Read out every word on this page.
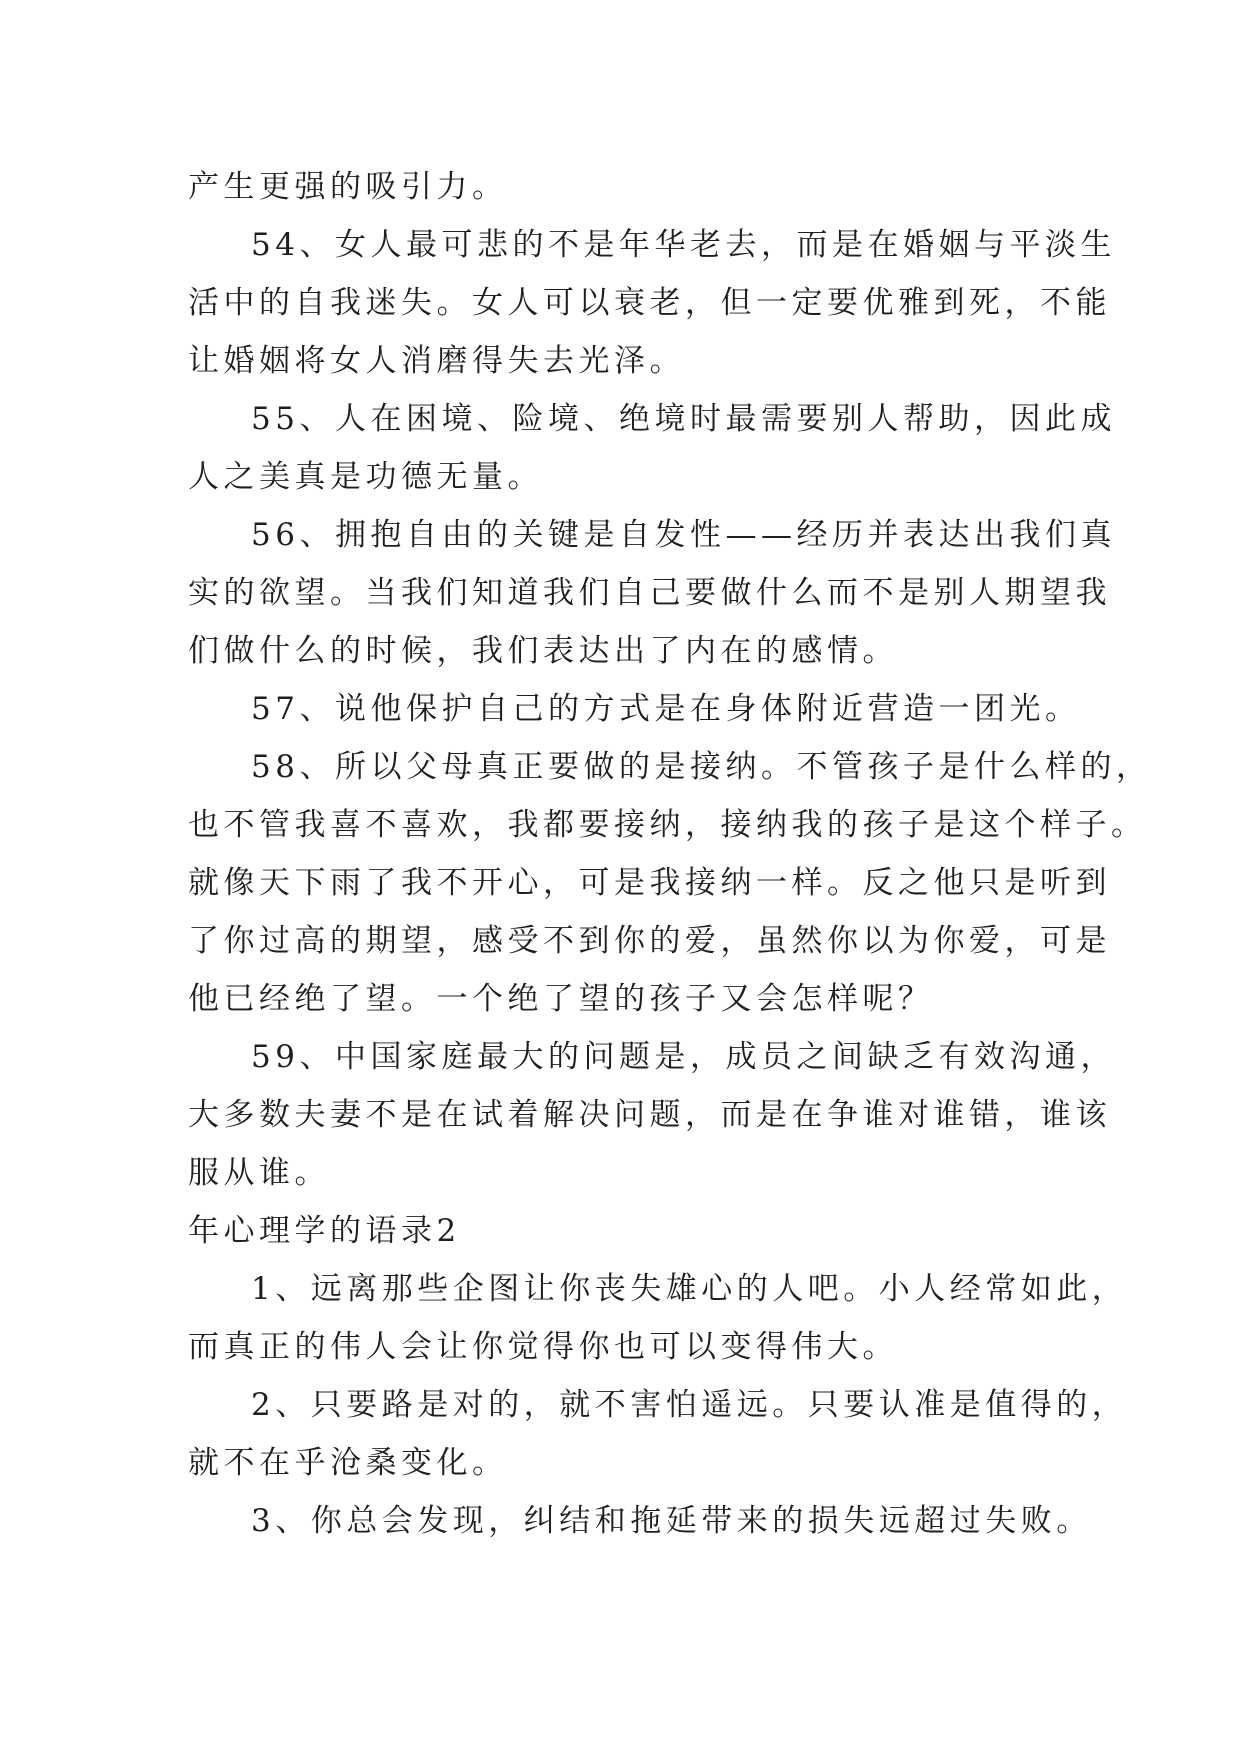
产生更强的吸引力。
54、女人最可悲的不是年华老去，而是在婚姻与平淡生
活中的自我迷失。女人可以衰老，但一定要优雅到死，不能
让婚姻将女人消磨得失去光泽。
55、人在困境、险境、绝境时最需要别人帮助，因此成
人之美真是功德无量。
56、拥抱自由的关键是自发性——经历并表达出我们真
实的欲望。当我们知道我们自己要做什么而不是别人期望我
们做什么的时候，我们表达出了内在的感情。
57、说他保护自己的方式是在身体附近营造一团光。
58、所以父母真正要做的是接纳。不管孩子是什么样的，
也不管我喜不喜欢，我都要接纳，接纳我的孩子是这个样子。
就像天下雨了我不开心，可是我接纳一样。反之他只是听到
了你过高的期望，感受不到你的爱，虽然你以为你爱，可是
他已经绝了望。一个绝了望的孩子又会怎样呢？
59、中国家庭最大的问题是，成员之间缺乏有效沟通，
大多数夫妻不是在试着解决问题，而是在争谁对谁错，谁该
服从谁。
年心理学的语录2
1、远离那些企图让你丧失雄心的人吧。小人经常如此，
而真正的伟人会让你觉得你也可以变得伟大。
2、只要路是对的，就不害怕遥远。只要认准是值得的，
就不在乎沧桑变化。
3、你总会发现，纠结和拖延带来的损失远超过失败。
